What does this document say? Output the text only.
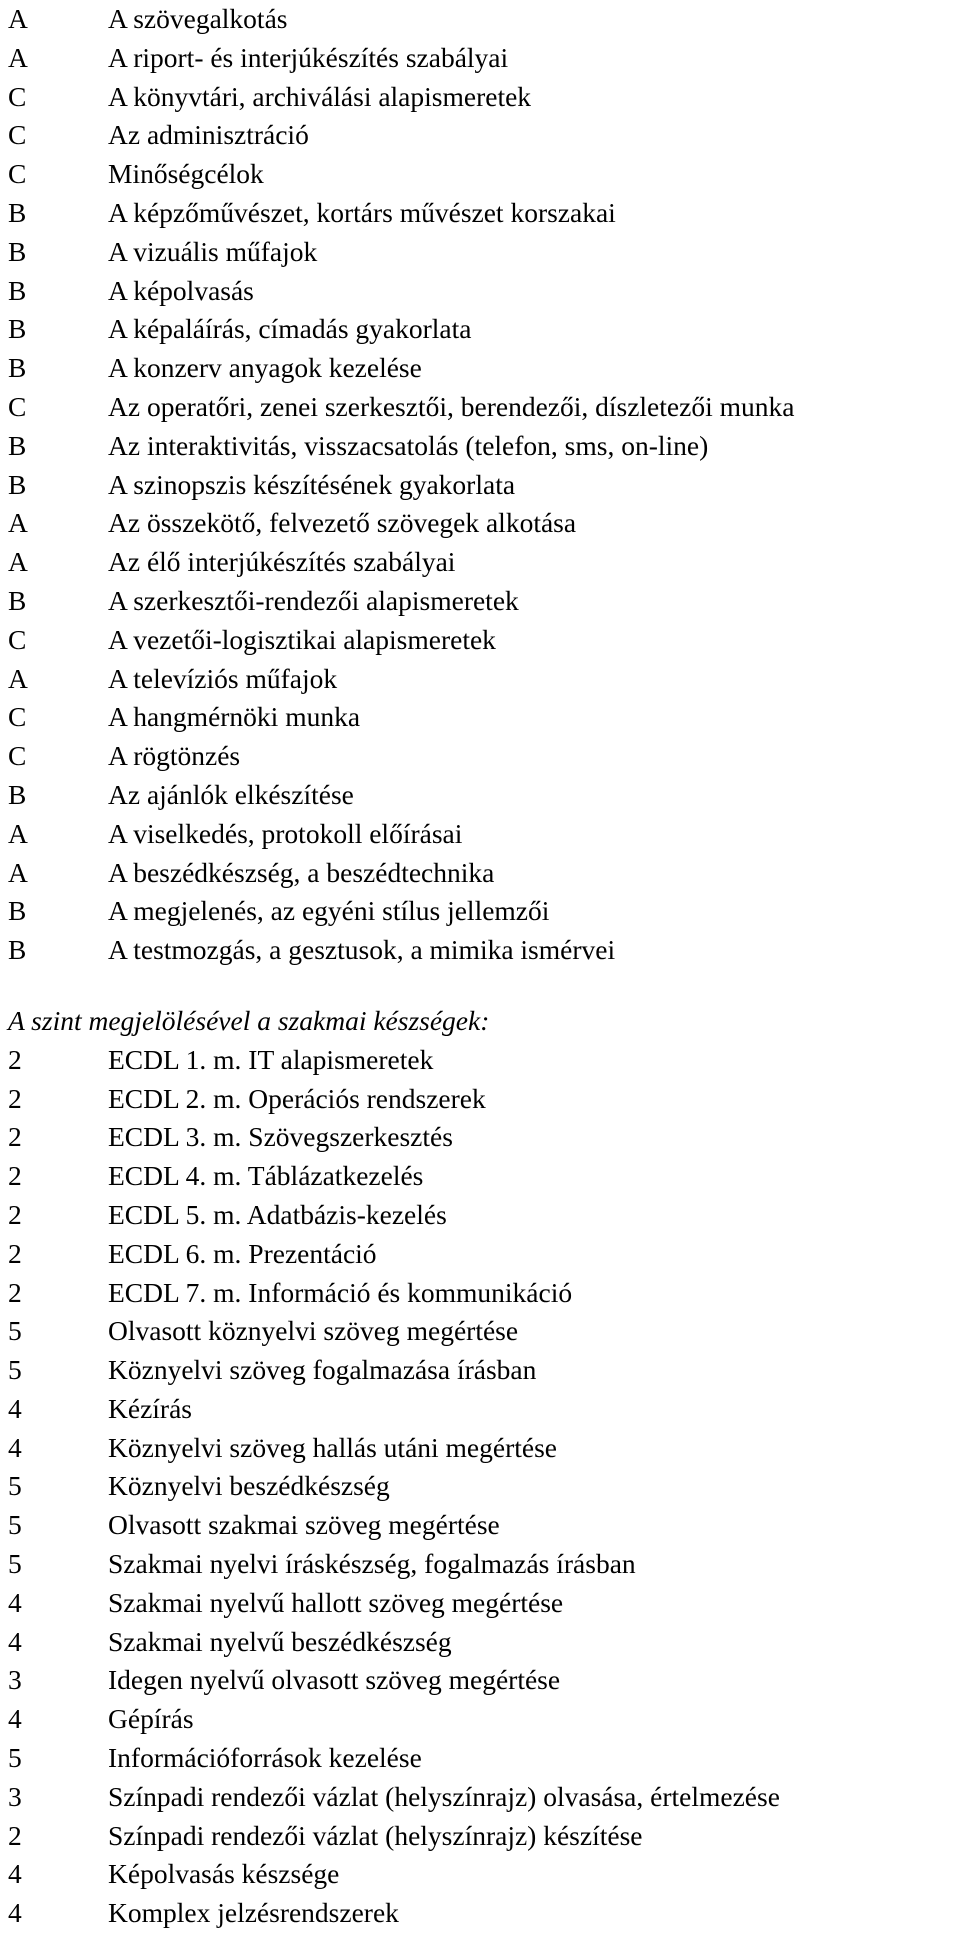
A	A szövegalkotás
A	A riport- és interjúkészítés szabályai
C	A könyvtári, archiválási alapismeretek
C	Az adminisztráció
C	Minőségcélok
B	A képzőművészet, kortárs művészet korszakai
B	A vizuális műfajok
B	A képolvasás
B	A képaláírás, címadás gyakorlata
B	A konzerv anyagok kezelése
C	Az operatőri, zenei szerkesztői, berendezői, díszletezői munka
B	Az interaktivitás, visszacsatolás (telefon, sms, on-line)
B	A szinopszis készítésének gyakorlata
A	Az összekötő, felvezető szövegek alkotása
A	Az élő interjúkészítés szabályai
B	A szerkesztői-rendezői alapismeretek
C	A vezetői-logisztikai alapismeretek
A	A televíziós műfajok
C	A hangmérnöki munka
C	A rögtönzés
B	Az ajánlók elkészítése
A	A viselkedés, protokoll előírásai
A	A beszédkészség, a beszédtechnika
B	A megjelenés, az egyéni stílus jellemzői
B	A testmozgás, a gesztusok, a mimika ismérvei
A szint megjelölésével a szakmai készségek:
2	ECDL 1. m. IT alapismeretek
2	ECDL 2. m. Operációs rendszerek
2	ECDL 3. m. Szövegszerkesztés
2	ECDL 4. m. Táblázatkezelés
2	ECDL 5. m. Adatbázis-kezelés
2	ECDL 6. m. Prezentáció
2	ECDL 7. m. Információ és kommunikáció
5	Olvasott köznyelvi szöveg megértése
5	Köznyelvi szöveg fogalmazása írásban
4	Kézírás
4	Köznyelvi szöveg hallás utáni megértése
5	Köznyelvi beszédkészség
5	Olvasott szakmai szöveg megértése
5	Szakmai nyelvi íráskészség, fogalmazás írásban
4	Szakmai nyelvű hallott szöveg megértése
4	Szakmai nyelvű beszédkészség
3	Idegen nyelvű olvasott szöveg megértése
4	Gépírás
5	Információforrások kezelése
3	Színpadi rendezői vázlat (helyszínrajz) olvasása, értelmezése
2	Színpadi rendezői vázlat (helyszínrajz) készítése
4	Képolvasás készsége
4	Komplex jelzésrendszerek
